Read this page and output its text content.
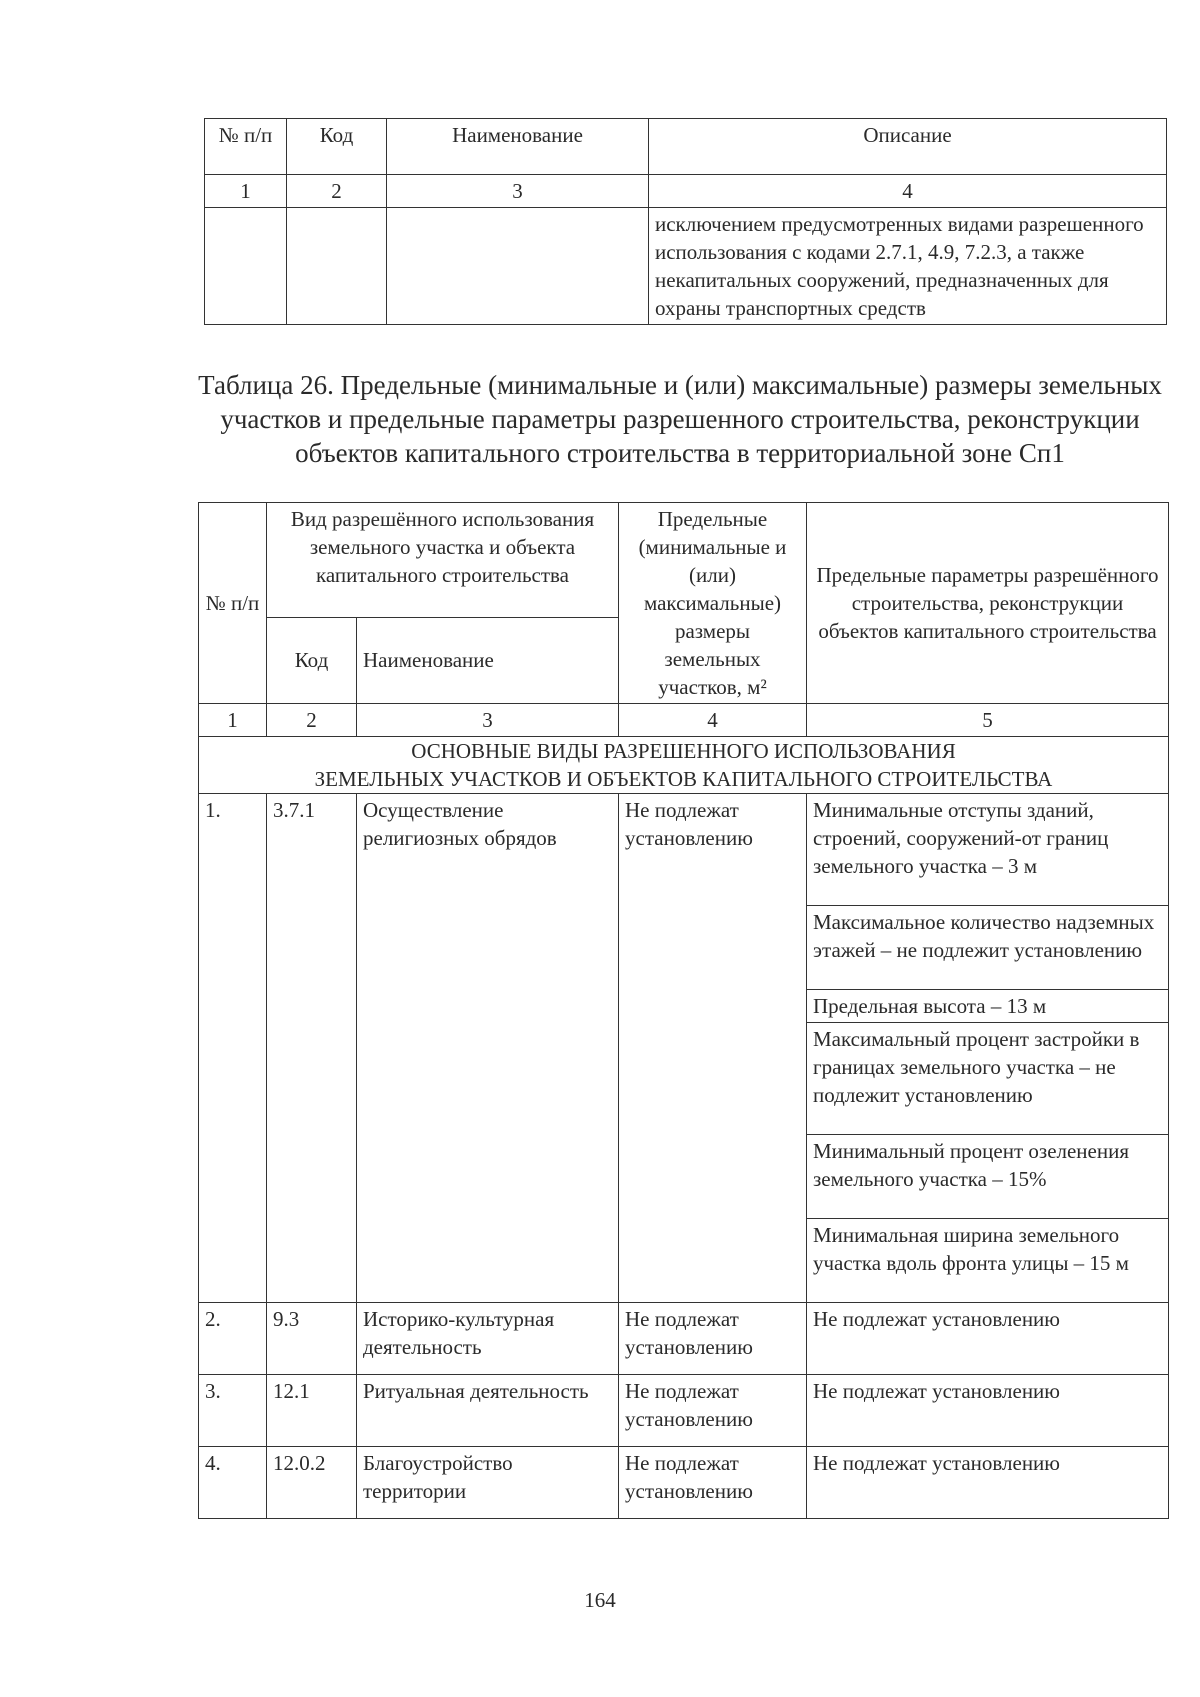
№ п/п	Код	Наименование	Описание
1	2	3	4
			исключением предусмотренных видами разрешенного использования с кодами 2.7.1, 4.9, 7.2.3, а также некапитальных сооружений, предназначенных для охраны транспортных средств
Таблица 26. Предельные (минимальные и (или) максимальные) размеры земельных участков и предельные параметры разрешенного строительства, реконструкции объектов капитального строительства в территориальной зоне Сп1
№ п/п	Вид разрешённого использования земельного участка и объекта капитального строительства		Предельные (минимальные и (или) максимальные) размеры земельных участков, м²	Предельные параметры разрешённого строительства, реконструкции объектов капитального строительства
	Код	Наименование		
1	2	3	4	5

ОСНОВНЫЕ ВИДЫ РАЗРЕШЕННОГО ИСПОЛЬЗОВАНИЯ
ЗЕМЕЛЬНЫХ УЧАСТКОВ И ОБЪЕКТОВ КАПИТАЛЬНОГО СТРОИТЕЛЬСТВА				

1.	3.7.1	Осуществление религиозных обрядов	Не подлежат установлению	Минимальные отступы зданий, строений, сооружений-от границ земельного участка – 3 м
				Максимальное количество надземных этажей – не подлежит установлению
				Предельная высота – 13 м
				Максимальный процент застройки в границах земельного участка – не подлежит установлению
				Минимальный процент озеленения земельного участка – 15%
				Минимальная ширина земельного участка вдоль фронта улицы – 15 м
2.	9.3	Историко-культурная деятельность	Не подлежат установлению	Не подлежат установлению
3.	12.1	Ритуальная деятельность	Не подлежат установлению	Не подлежат установлению
4.	12.0.2	Благоустройство территории	Не подлежат установлению	Не подлежат установлению
164
